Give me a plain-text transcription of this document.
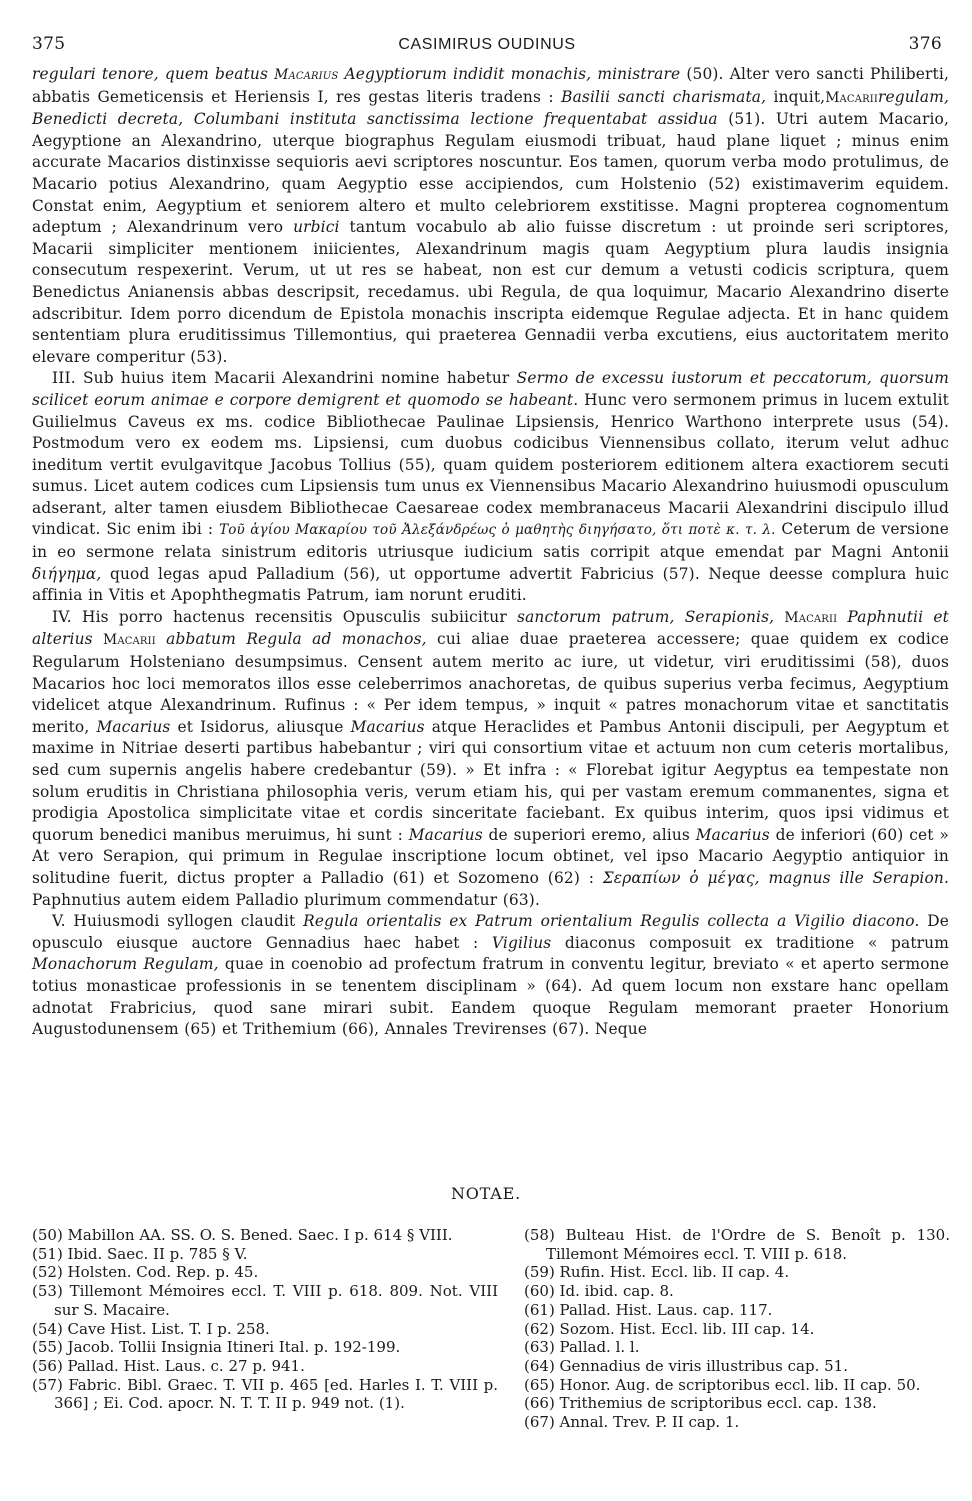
375	CASIMIRUS OUDINUS	376

regulari tenore, quem beatus Macarius Aegyptiorum indidit monachis, ministrare (50). Alter vero sancti Philiberti, abbatis Gemeticensis et Heriensis I, res gestas literis tradens : Basilii sancti charismata, inquit,Macariiregulam, Benedicti decreta, Columbani instituta sanctissima lectione frequentabat assidua (51). Utri autem Macario, Aegyptione an Alexandrino, uterque biographus Regulam eiusmodi tribuat, haud plane liquet ; minus enim accurate Macarios distinxisse sequioris aevi scriptores noscuntur. Eos tamen, quorum verba modo protulimus, de Macario potius Alexandrino, quam Aegyptio esse accipiendos, cum Holstenio (52) existimaverim equidem. Constat enim, Aegyptium et seniorem altero et multo celebriorem exstitisse. Magni propterea cognomentum adeptum ; Alexandrinum vero urbici tantum vocabulo ab alio fuisse discretum : ut proinde seri scriptores, Macarii simpliciter mentionem iniicientes, Alexandrinum magis quam Aegyptium plura laudis insignia consecutum respexerint. Verum, ut ut res se habeat, non est cur demum a vetusti codicis scriptura, quem Benedictus Anianensis abbas descripsit, recedamus. ubi Regula, de qua loquimur, Macario Alexandrino diserte adscribitur. Idem porro dicendum de Epistola monachis inscripta eidemque Regulae adjecta. Et in hanc quidem sententiam plura eruditissimus Tillemontius, qui praeterea Gennadii verba excutiens, eius auctoritatem merito elevare comperitur (53).

III. Sub huius item Macarii Alexandrini nomine habetur Sermo de excessu iustorum et peccatorum, quorsum scilicet eorum animae e corpore demigrent et quomodo se habeant. Hunc vero sermonem primus in lucem extulit Guilielmus Caveus ex ms. codice Bibliothecae Paulinae Lipsiensis, Henrico Warthono interprete usus (54). Postmodum vero ex eodem ms. Lipsiensi, cum duobus codicibus Viennensibus collato, iterum velut adhuc ineditum vertit evulgavitque Jacobus Tollius (55), quam quidem posteriorem editionem altera exactiorem secuti sumus. Licet autem codices cum Lipsiensis tum unus ex Viennensibus Macario Alexandrino huiusmodi opusculum adserant, alter tamen eiusdem Bibliothecae Caesareae codex membranaceus Macarii Alexandrini discipulo illud vindicat. Sic enim ibi : Τοῦ ἁγίου Μακαρίου τοῦ Ἀλεξάνδρέως ὁ μαθητὴς διηγήσατο, ὅτι ποτὲ κ. τ. λ. Ceterum de versione in eo sermone relata sinistrum editoris utriusque iudicium satis corripit atque emendat par Magni Antonii διήγημα, quod legas apud Palladium (56), ut opportume advertit Fabricius (57). Neque deesse complura huic affinia in Vitis et Apophthegmatis Patrum, iam norunt eruditi.

IV. His porro hactenus recensitis Opusculis subiicitur sanctorum patrum, Serapionis, Macarii Paphnutii et alterius Macarii abbatum Regula ad monachos, cui aliae duae praeterea accessere; quae quidem ex codice Regularum Holsteniano desumpsimus. Censent autem merito ac iure, ut videtur, viri eruditissimi (58), duos Macarios hoc loci memoratos illos esse celeberrimos anachoretas, de quibus superius verba fecimus, Aegyptium videlicet atque Alexandrinum. Rufinus : « Per idem tempus, » inquit « patres monachorum vitae et sanctitatis merito, Macarius et Isidorus, aliusque Macarius atque Heraclides et Pambus Antonii discipuli, per Aegyptum et maxime in Nitriae deserti partibus habebantur ; viri qui consortium vitae et actuum non cum ceteris mortalibus, sed cum supernis angelis habere credebantur (59). » Et infra : « Florebat igitur Aegyptus ea tempestate non solum eruditis in Christiana philosophia veris, verum etiam his, qui per vastam eremum commanentes, signa et prodigia Apostolica simplicitate vitae et cordis sinceritate faciebant. Ex quibus interim, quos ipsi vidimus et quorum benedici manibus meruimus, hi sunt : Macarius de superiori eremo, alius Macarius de inferiori (60) cet » At vero Serapion, qui primum in Regulae inscriptione locum obtinet, vel ipso Macario Aegyptio antiquior in solitudine fuerit, dictus propter a Palladio (61) et Sozomeno (62) : Σεραπίων ὁ μέγας, magnus ille Serapion. Paphnutius autem eidem Palladio plurimum commendatur (63).

V. Huiusmodi syllogen claudit Regula orientalis ex Patrum orientalium Regulis collecta a Vigilio diacono. De opusculo eiusque auctore Gennadius haec habet : Vigilius diaconus composuit ex traditione « patrum Monachorum Regulam, quae in coenobio ad profectum fratrum in conventu legitur, breviato « et aperto sermone totius monasticae professionis in se tenentem disciplinam » (64). Ad quem locum non exstare hanc opellam adnotat Frabricius, quod sane mirari subit. Eandem quoque Regulam memorant praeter Honorium Augustodunensem (65) et Trithemium (66), Annales Trevirenses (67). Neque

NOTAE.

(50) Mabillon AA. SS. O. S. Bened. Saec. I p. 614 § VIII.

(51) Ibid. Saec. II p. 785 § V.

(52) Holsten. Cod. Rep. p. 45.

(53) Tillemont Mémoires eccl. T. VIII p. 618. 809. Not. VIII sur S. Macaire.

(54) Cave Hist. List. T. I p. 258.

(55) Jacob. Tollii Insignia Itineri Ital. p. 192-199.

(56) Pallad. Hist. Laus. c. 27 p. 941.

(57) Fabric. Bibl. Graec. T. VII p. 465 [ed. Harles I. T. VIII p. 366] ; Ei. Cod. apocr. N. T. T. II p. 949 not. (1).

(58) Bulteau Hist. de l'Ordre de S. Benoît p. 130. Tillemont Mémoires eccl. T. VIII p. 618.

(59) Rufin. Hist. Eccl. lib. II cap. 4.

(60) Id. ibid. cap. 8.

(61) Pallad. Hist. Laus. cap. 117.

(62) Sozom. Hist. Eccl. lib. III cap. 14.

(63) Pallad. l. l.

(64) Gennadius de viris illustribus cap. 51.

(65) Honor. Aug. de scriptoribus eccl. lib. II cap. 50.

(66) Trithemius de scriptoribus eccl. cap. 138.

(67) Annal. Trev. P. II cap. 1.
